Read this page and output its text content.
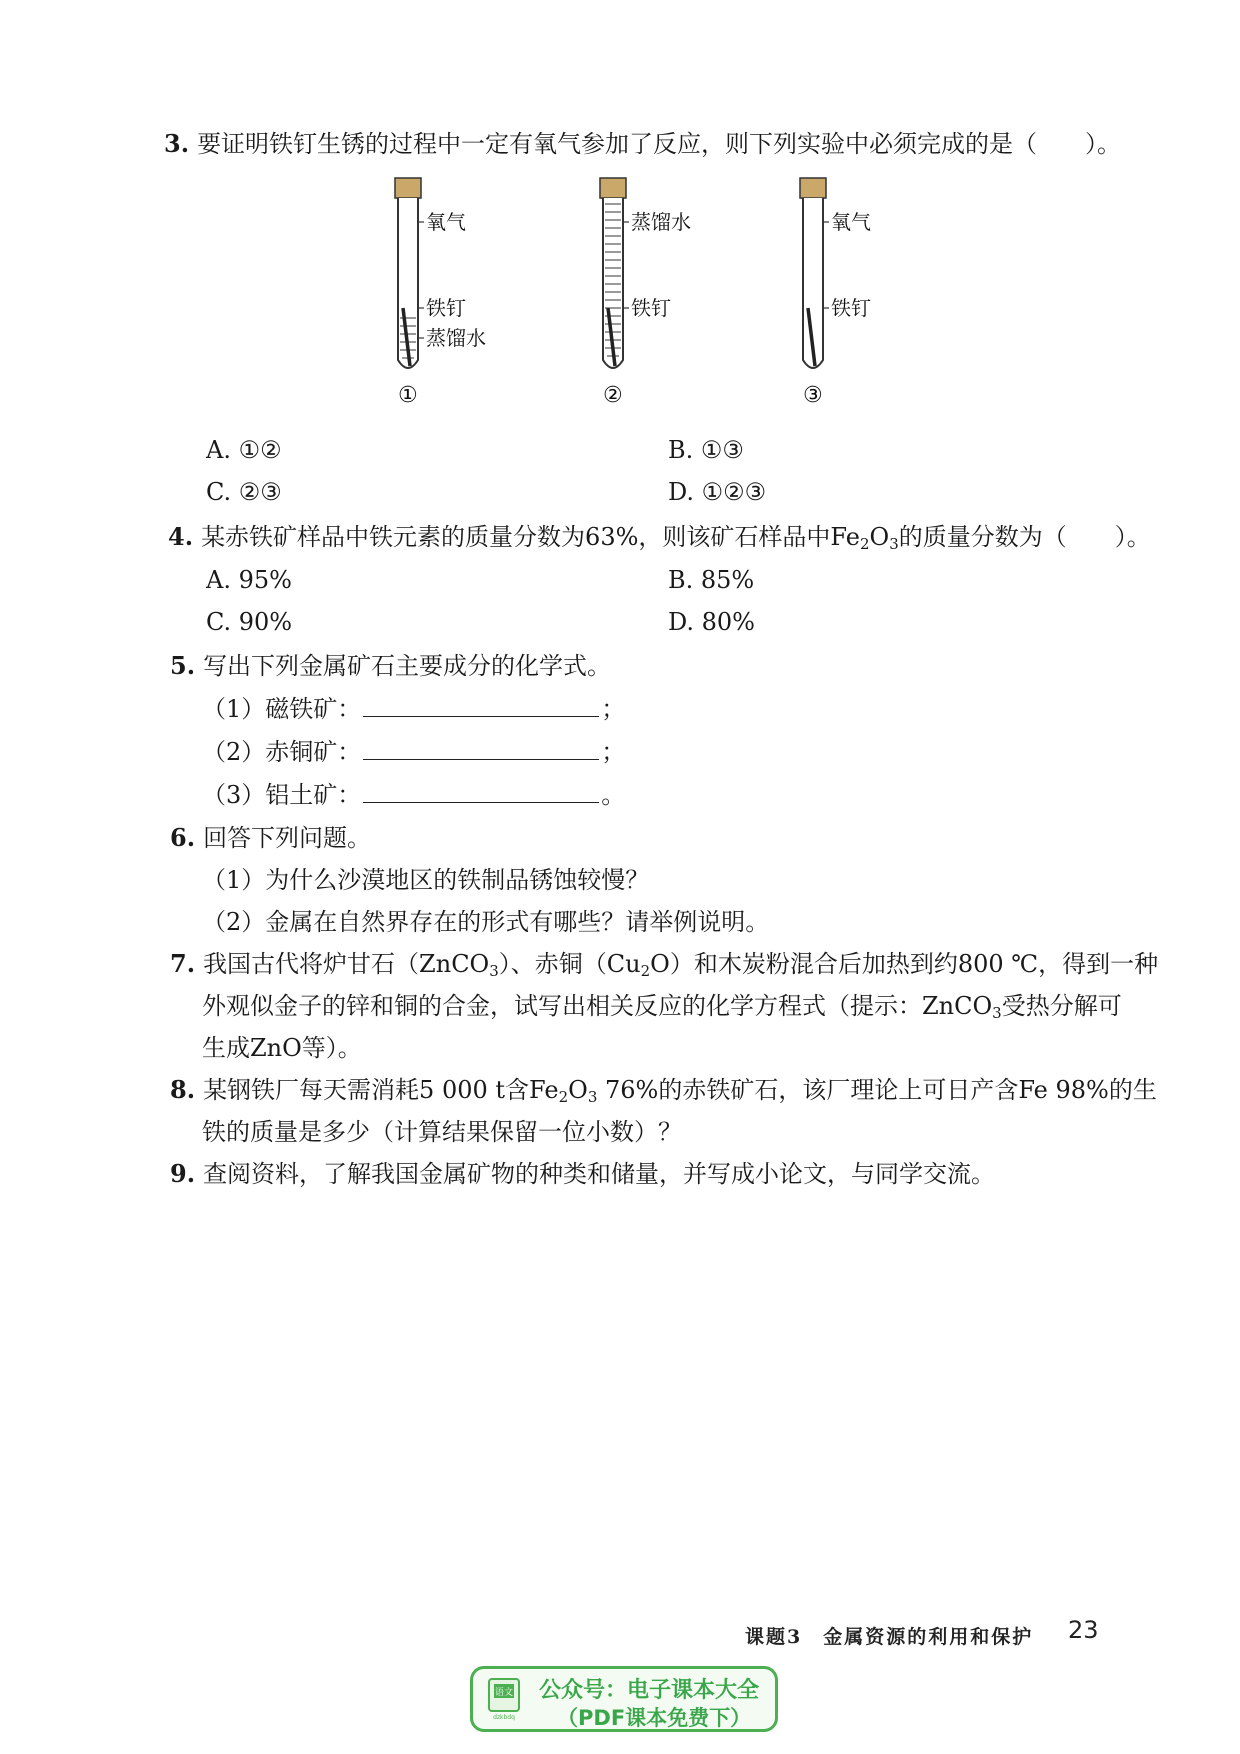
3. 要证明铁钉生锈的过程中一定有氧气参加了反应，则下列实验中必须完成的是（　　）。
氧气
铁钉
蒸馏水
①
蒸馏水
铁钉
②
氧气
铁钉
③
A. ①②	B. ①③
C. ②③	D. ①②③
4. 某赤铁矿样品中铁元素的质量分数为63%，则该矿石样品中$Fe_2O_3$的质量分数为（　　）。
A. 95%	B. 85%
C. 90%	D. 80%
5. 写出下列金属矿石主要成分的化学式。
（1）磁铁矿：	；
（2）赤铜矿：	；
（3）铝土矿：	。
6. 回答下列问题。
（1）为什么沙漠地区的铁制品锈蚀较慢？
（2）金属在自然界存在的形式有哪些？请举例说明。
7. 我国古代将炉甘石（ZnCO$_3$）、赤铜$(Cu_2O)$和木炭粉混合后加热到约800 ℃，得到一种
外观似金子的锌和铜的合金，试写出相关反应的化学方程式（提示：ZnCO$_3$受热分解可
生成ZnO等）。
8. 某钢铁厂每天需消耗5 000 t含$Fe_2O_3$ 76%的赤铁矿石，该厂理论上可日产含Fe 98%的生
铁的质量是多少（计算结果保留一位小数）？
9. 查阅资料，了解我国金属矿物的种类和储量，并写成小论文，与同学交流。
课题3　金属资源的利用和保护 23
语文
dzkbdq
公众号：电子课本大全
（PDF课本免费下）
